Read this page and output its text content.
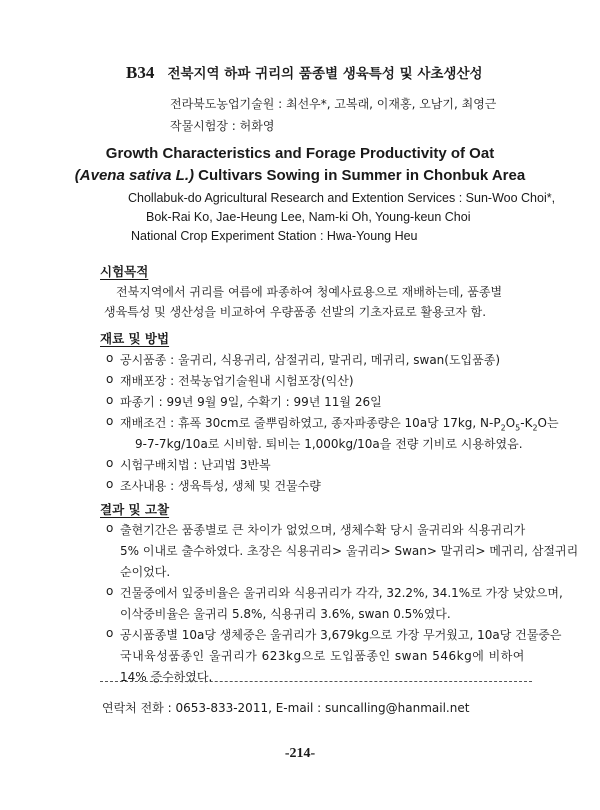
B34 전북지역 하파 귀리의 품종별 생육특성 및 사초생산성
전라북도농업기술원 : 최선우*, 고복래, 이재홍, 오남기, 최영근
작물시험장 : 허화영
Growth Characteristics and Forage Productivity of Oat
(Avena sativa L.) Cultivars Sowing in Summer in Chonbuk Area
Chollabuk-do Agricultural Research and Extention Services : Sun-Woo Choi*,
Bok-Rai Ko, Jae-Heung Lee, Nam-ki Oh, Young-keun Choi
National Crop Experiment Station : Hwa-Young Heu
시험목적
전북지역에서 귀리를 여름에 파종하여 청예사료용으로 재배하는데, 품종별
생육특성 및 생산성을 비교하여 우량품종 선발의 기초자료로 활용코자 함.
재료 및 방법
o 공시품종 : 울귀리, 식용귀리, 삼절귀리, 말귀리, 메귀리, swan(도입품종)
o 재배포장 : 전북농업기술원내 시험포장(익산)
o 파종기 : 99년 9월 9일, 수확기 : 99년 11월 26일
o 재배조건 : 휴폭 30cm로 줄뿌림하였고, 종자파종량은 10a당 17kg, $N-P_2O_5-K_2O$는
9-7-7kg/10a로 시비함. 퇴비는 1,000kg/10a을 전량 기비로 시용하였음.
o 시험구배치법 : 난괴법 3반복
o 조사내용 : 생육특성, 생체 및 건물수량
결과 및 고찰
o 출현기간은 품종별로 큰 차이가 없었으며, 생체수확 당시 울귀리와 식용귀리가
5% 이내로 출수하였다. 초장은 식용귀리> 울귀리> Swan> 말귀리> 메귀리, 삼절귀리
순이었다.
o 건물중에서 잎중비율은 울귀리와 식용귀리가 각각, 32.2%, 34.1%로 가장 낮았으며,
이삭중비율은 울귀리 5.8%, 식용귀리 3.6%, swan 0.5%였다.
o 공시품종별 10a당 생체중은 울귀리가 3,679kg으로 가장 무거웠고, 10a당 건물중은
국내육성품종인 울귀리가 623kg으로 도입품종인 swan 546kg에 비하여
14% 증수하였다.
연락처 전화 : 0653-833-2011, E-mail : suncalling@hanmail.net
-214-
